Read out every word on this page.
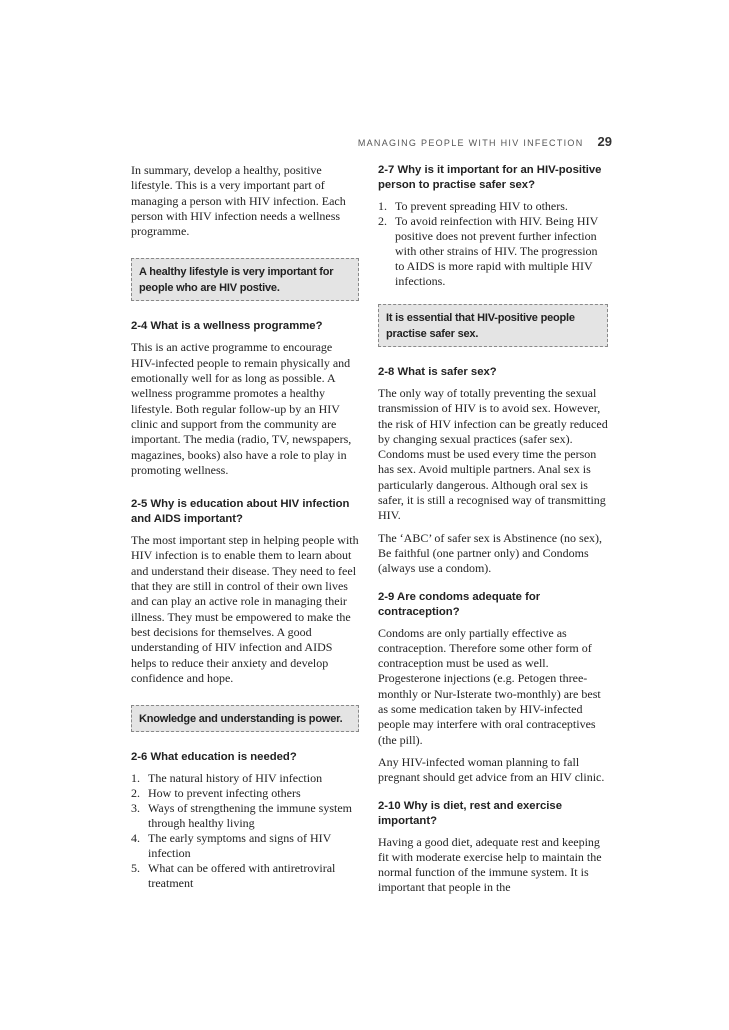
MANAGING PEOPLE WITH HIV INFECTION 29

In summary, develop a healthy, positive lifestyle. This is a very important part of managing a person with HIV infection. Each person with HIV infection needs a wellness programme.

A healthy lifestyle is very important for people who are HIV postive.
2-4 What is a wellness programme?

This is an active programme to encourage HIV-infected people to remain physically and emotionally well for as long as possible. A wellness programme promotes a healthy lifestyle. Both regular follow-up by an HIV clinic and support from the community are important. The media (radio, TV, newspapers, magazines, books) also have a role to play in promoting wellness.

2-5 Why is education about HIV infection and AIDS important?

The most important step in helping people with HIV infection is to enable them to learn about and understand their disease. They need to feel that they are still in control of their own lives and can play an active role in managing their illness. They must be empowered to make the best decisions for themselves. A good understanding of HIV infection and AIDS helps to reduce their anxiety and develop confidence and hope.

Knowledge and understanding is power.
2-6 What education is needed?
1. The natural history of HIV infection
2. How to prevent infecting others
3. Ways of strengthening the immune system through healthy living
4. The early symptoms and signs of HIV infection
5. What can be offered with antiretroviral treatment
2-7 Why is it important for an HIV-positive person to practise safer sex?
1. To prevent spreading HIV to others.
2. To avoid reinfection with HIV. Being HIV positive does not prevent further infection with other strains of HIV. The progression to AIDS is more rapid with multiple HIV infections.
It is essential that HIV-positive people practise safer sex.
2-8 What is safer sex?

The only way of totally preventing the sexual transmission of HIV is to avoid sex. However, the risk of HIV infection can be greatly reduced by changing sexual practices (safer sex). Condoms must be used every time the person has sex. Avoid multiple partners. Anal sex is particularly dangerous. Although oral sex is safer, it is still a recognised way of transmitting HIV.

The ‘ABC’ of safer sex is Abstinence (no sex), Be faithful (one partner only) and Condoms (always use a condom).

2-9 Are condoms adequate for contraception?

Condoms are only partially effective as contraception. Therefore some other form of contraception must be used as well. Progesterone injections (e.g. Petogen three-monthly or Nur-Isterate two-monthly) are best as some medication taken by HIV-infected people may interfere with oral contraceptives (the pill).

Any HIV-infected woman planning to fall pregnant should get advice from an HIV clinic.

2-10 Why is diet, rest and exercise important?

Having a good diet, adequate rest and keeping fit with moderate exercise help to maintain the normal function of the immune system. It is important that people in the
